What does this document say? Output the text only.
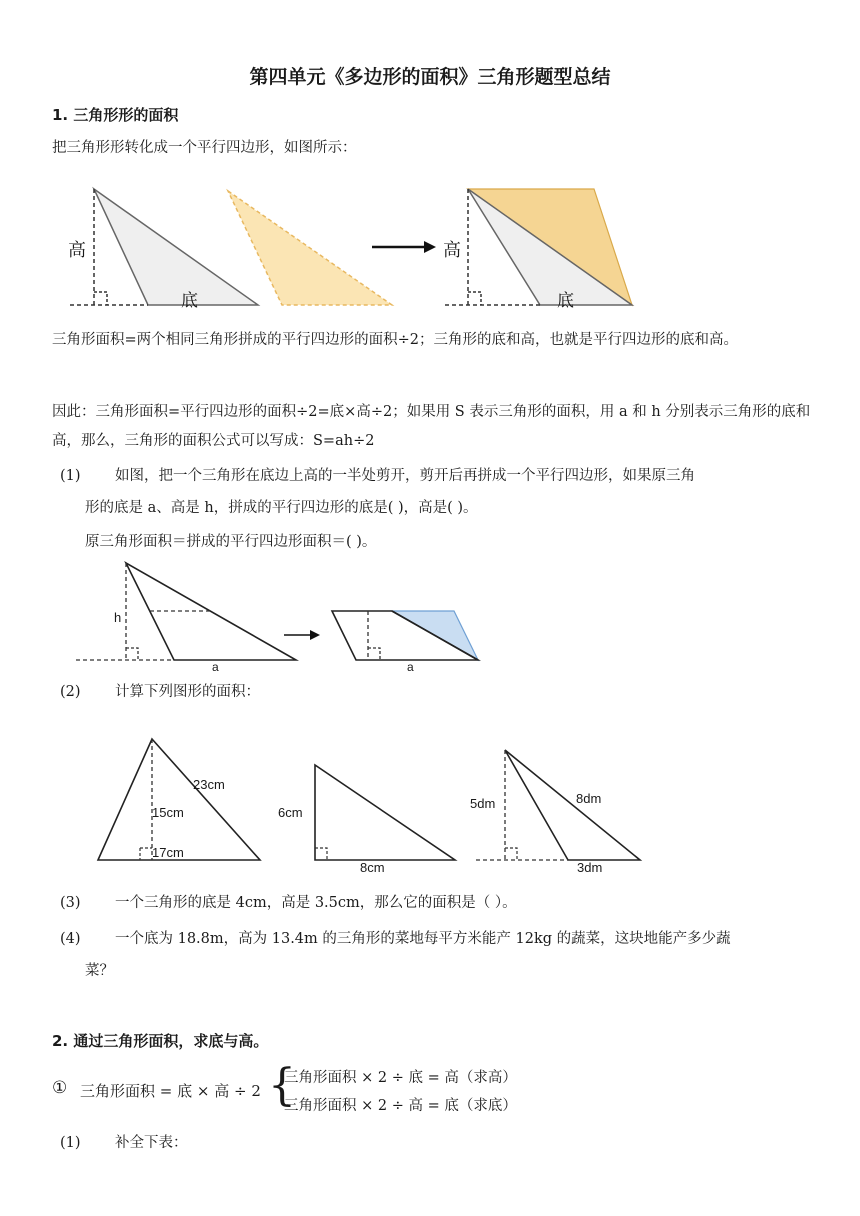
第四单元《多边形的面积》三角形题型总结
1. 三角形形的面积
把三角形形转化成一个平行四边形，如图所示：
高
底
高
底
三角形面积=两个相同三角形拼成的平行四边形的面积÷2；三角形的底和高，也就是平行四边形的底和高。
因此：三角形面积=平行四边形的面积÷2=底×高÷2；如果用 S 表示三角形的面积，用 a 和 h 分别表示三角形的底和高，那么，三角形的面积公式可以写成：S=ah÷2
(1) 如图，把一个三角形在底边上高的一半处剪开，剪开后再拼成一个平行四边形，如果原三角
形的底是 a、高是 h，拼成的平行四边形的底是( )，高是( )。
原三角形面积＝拼成的平行四边形面积＝( )。
h
a	a
(2) 计算下列图形的面积：
23cm
15cm
17cm
6cm
8cm
5dm	8dm
3dm
(3) 一个三角形的底是 4cm，高是 3.5cm，那么它的面积是（ ）。
(4) 一个底为 18.8m，高为 13.4m 的三角形的菜地每平方米能产 12kg 的蔬菜，这块地能产多少蔬
菜？
2. 通过三角形面积，求底与高。
① 三角形面积 = 底 × 高 ÷ 2 {
三角形面积 × 2 ÷ 底 = 高（求高）
三角形面积 × 2 ÷ 高 = 底（求底）
(1) 补全下表：
